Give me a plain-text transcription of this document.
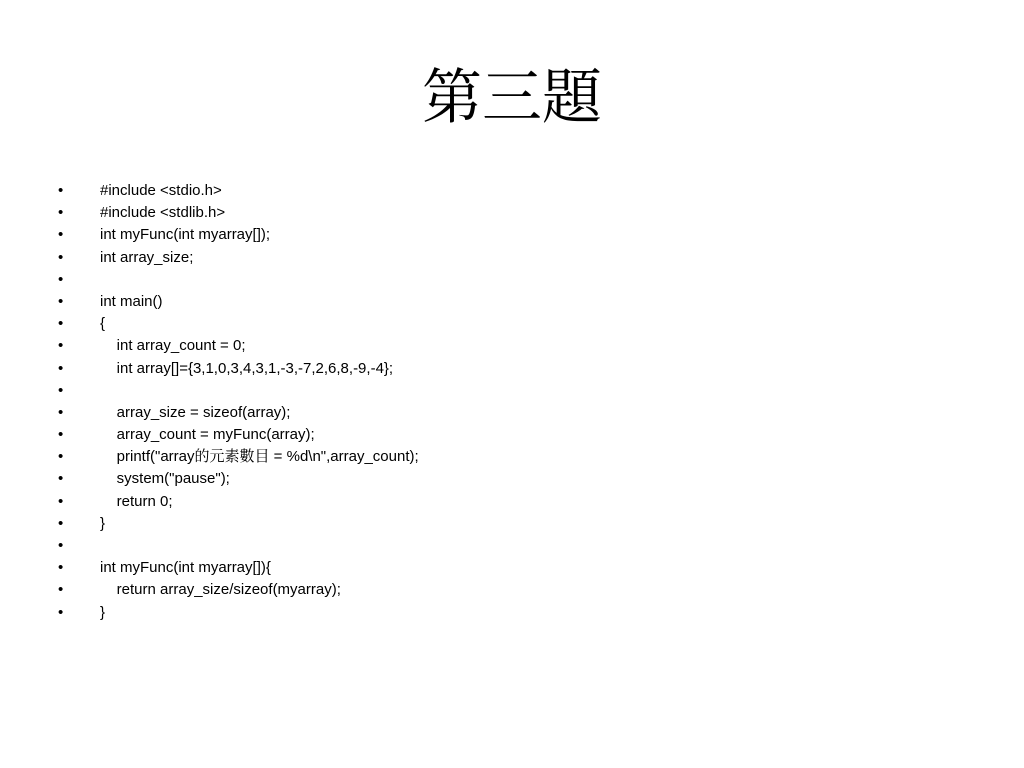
第三題
•	#include <stdio.h>
•	#include <stdlib.h>
•	int myFunc(int myarray[]);
•	int array_size;
•
•	int main()
•	{
•	int array_count = 0;
•	int array[]={3,1,0,3,4,3,1,-3,-7,2,6,8,-9,-4};
•
•	array_size = sizeof(array);
•	array_count = myFunc(array);
•	printf("array的元素數目 = %d\n",array_count);
•	system("pause");
•	return 0;
•	}
•
•	int myFunc(int myarray[]){
•	return array_size/sizeof(myarray);
•	}
